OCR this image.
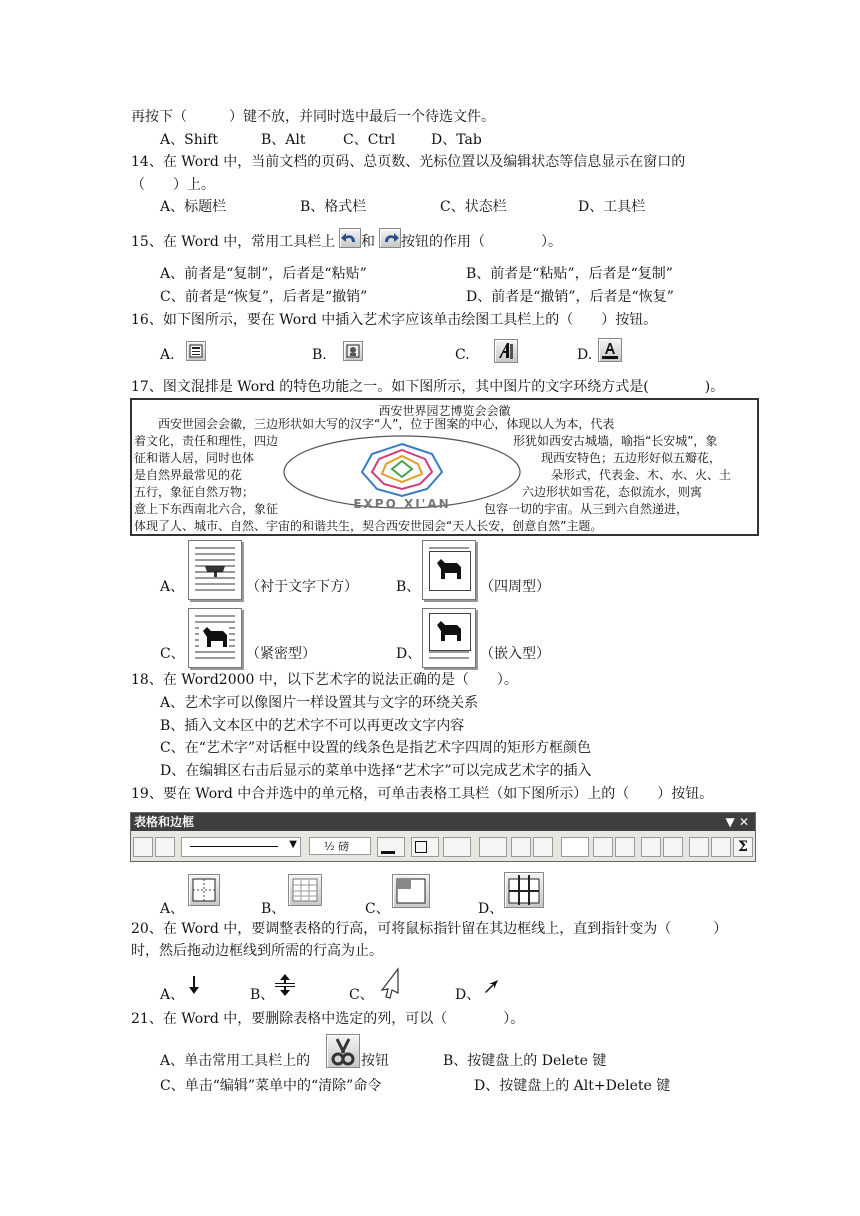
再按下（　　　）键不放，并同时选中最后一个待选文件。
A、Shift	B、Alt	C、Ctrl	D、Tab
14、在 Word 中，当前文档的页码、总页数、光标位置以及编辑状态等信息显示在窗口的
（　　）上。
A、标题栏	B、格式栏	C、状态栏	D、工具栏
15、在 Word 中，常用工具栏上 和 按钮的作用（　　　　）。
A、前者是“复制”，后者是“粘贴”	B、前者是“粘贴”，后者是“复制”
C、前者是“恢复”，后者是“撤销”	D、前者是“撤销”，后者是“恢复”
16、如下图所示，要在 Word 中插入艺术字应该单击绘图工具栏上的（　　）按钮。
A.	B.	C.	D.
17、图文混排是 Word 的特色功能之一。如下图所示，其中图片的文字环绕方式是(　　　　)。
西安世界园艺博览会会徽
　　西安世园会会徽，三边形状如大写的汉字“人”，位于图案的中心，体现以人为本，代表
着文化，责任和理性，四边	形犹如西安古城墙，喻指“长安城”，象
征和谐人居，同时也体	现西安特色；五边形好似五瓣花，
是自然界最常见的花	朵形式，代表金、木、水、火、土
五行，象征自然万物；	六边形状如雪花，态似流水，则寓
意上下东西南北六合，象征	包容一切的宇宙。从三到六自然递进，
体现了人、城市、自然、宇宙的和谐共生，契合西安世园会“天人长安，创意自然”主题。
EXPO XI'AN
A、	（衬于文字下方）	B、	（四周型）
C、	（紧密型）	D、	（嵌入型）
18、在 Word2000 中，以下艺术字的说法正确的是（　　）。
A、艺术字可以像图片一样设置其与文字的环绕关系
B、插入文本区中的艺术字不可以再更改文字内容
C、在“艺术字”对话框中设置的线条色是指艺术字四周的矩形方框颜色
D、在编辑区右击后显示的菜单中选择“艺术字”可以完成艺术字的插入
19、要在 Word 中合并选中的单元格，可单击表格工具栏（如下图所示）上的（　　）按钮。
表格和边框	▼ ✕
▼	½ 磅	Σ
A、	B、	C、	D、
20、在 Word 中，要调整表格的行高，可将鼠标指针留在其边框线上，直到指针变为（　　　）
时，然后拖动边框线到所需的行高为止。
A、	B、	C、	D、
21、在 Word 中，要删除表格中选定的列，可以（　　　　）。
A、单击常用工具栏上的	按钮	B、按键盘上的 Delete 键
C、单击“编辑”菜单中的“清除”命令	D、按键盘上的 Alt+Delete 键
